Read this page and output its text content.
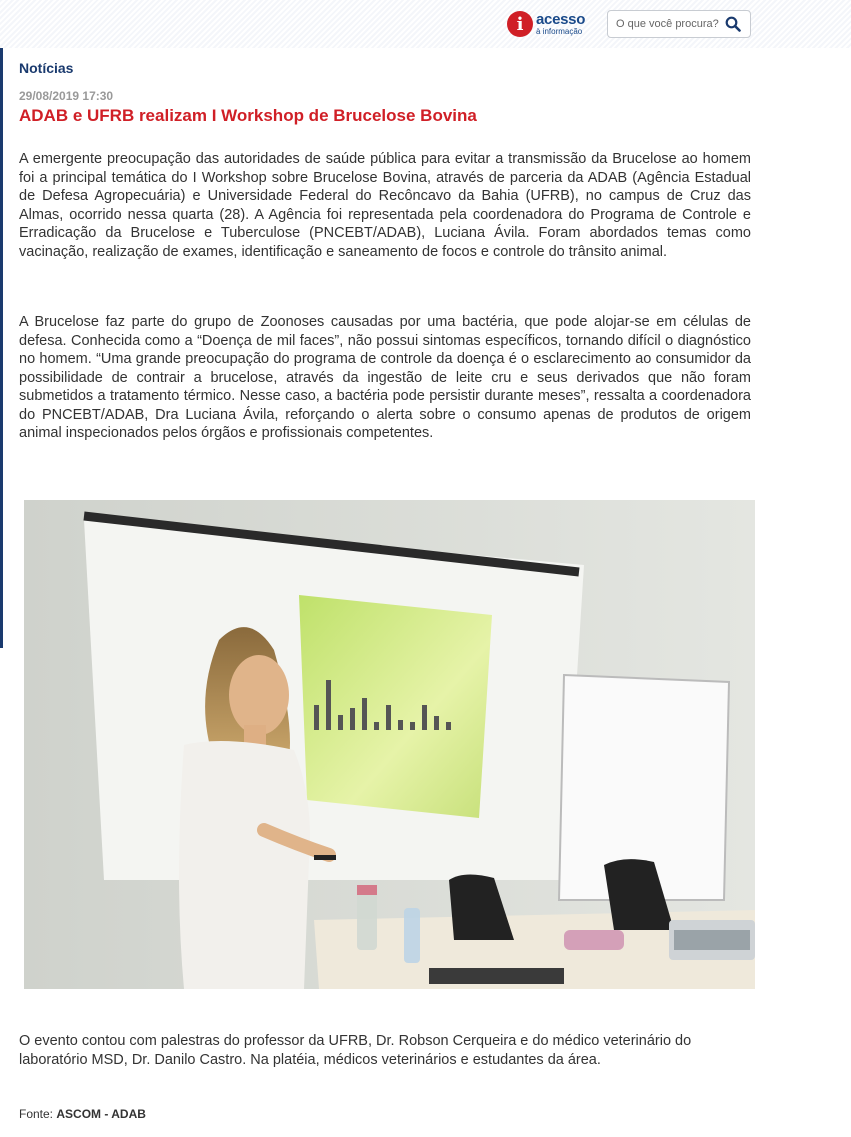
i acesso
à informação
O que você procura?
Notícias
29/08/2019 17:30
ADAB e UFRB realizam I Workshop de Brucelose Bovina

A emergente preocupação das autoridades de saúde pública para evitar a transmissão da Brucelose ao homem foi a principal temática do I Workshop sobre Brucelose Bovina, através de parceria da ADAB (Agência Estadual de Defesa Agropecuária) e Universidade Federal do Recôncavo da Bahia (UFRB), no campus de Cruz das Almas, ocorrido nessa quarta (28). A Agência foi representada pela coordenadora do Programa de Controle e Erradicação da Brucelose e Tuberculose (PNCEBT/ADAB), Luciana Ávila. Foram abordados temas como vacinação, realização de exames, identificação e saneamento de focos e controle do trânsito animal.

A Brucelose faz parte do grupo de Zoonoses causadas por uma bactéria, que pode alojar-se em células de defesa. Conhecida como a “Doença de mil faces”, não possui sintomas específicos, tornando difícil o diagnóstico no homem. “Uma grande preocupação do programa de controle da doença é o esclarecimento ao consumidor da possibilidade de contrair a brucelose, através da ingestão de leite cru e seus derivados que não foram submetidos a tratamento térmico. Nesse caso, a bactéria pode persistir durante meses”, ressalta a coordenadora do PNCEBT/ADAB, Dra Luciana Ávila, reforçando o alerta sobre o consumo apenas de produtos de origem animal inspecionados pelos órgãos e profissionais competentes.

O evento contou com palestras do professor da UFRB, Dr. Robson Cerqueira e do médico veterinário do laboratório MSD, Dr. Danilo Castro. Na platéia, médicos veterinários e estudantes da área.

Fonte: ASCOM - ADAB
